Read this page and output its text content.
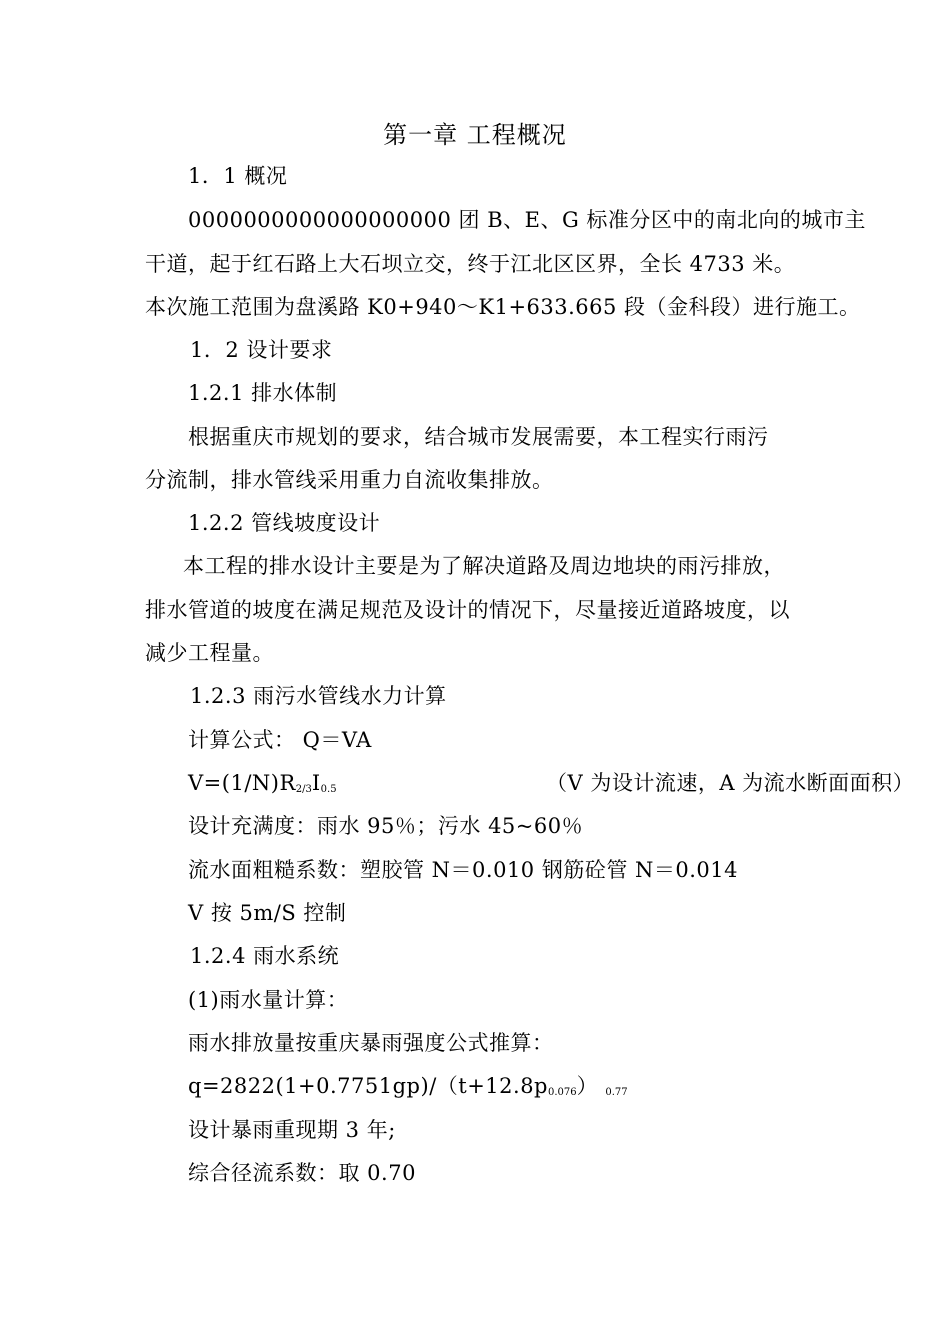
第一章 工程概况
1．1 概况
0000000000000000000 团 B、E、G 标准分区中的南北向的城市主
干道，起于红石路上大石坝立交，终于江北区区界，全长 4733 米。
本次施工范围为盘溪路 K0+940～K1+633.665 段（金科段）进行施工。
1．2 设计要求
1.2.1 排水体制
根据重庆市规划的要求，结合城市发展需要，本工程实行雨污
分流制，排水管线采用重力自流收集排放。
1.2.2 管线坡度设计
本工程的排水设计主要是为了解决道路及周边地块的雨污排放，
排水管道的坡度在满足规范及设计的情况下，尽量接近道路坡度，以
减少工程量。
1.2.3 雨污水管线水力计算
计算公式： Q＝VA
$V=(1/N)R_{2/3}I_{0.5}$	（V 为设计流速，A 为流水断面面积）
设计充满度：雨水 95％；污水 45~60％
流水面粗糙系数：塑胶管 N＝0.010 钢筋砼管 N＝0.014
V 按 5m/S 控制
1.2.4 雨水系统
(1)雨水量计算：
雨水排放量按重庆暴雨强度公式推算：
$q=2822(1+0.7751gp)/(t+12.8p_{0.076})$ $_{0.77}$
设计暴雨重现期 3 年;
综合径流系数：取 0.70
